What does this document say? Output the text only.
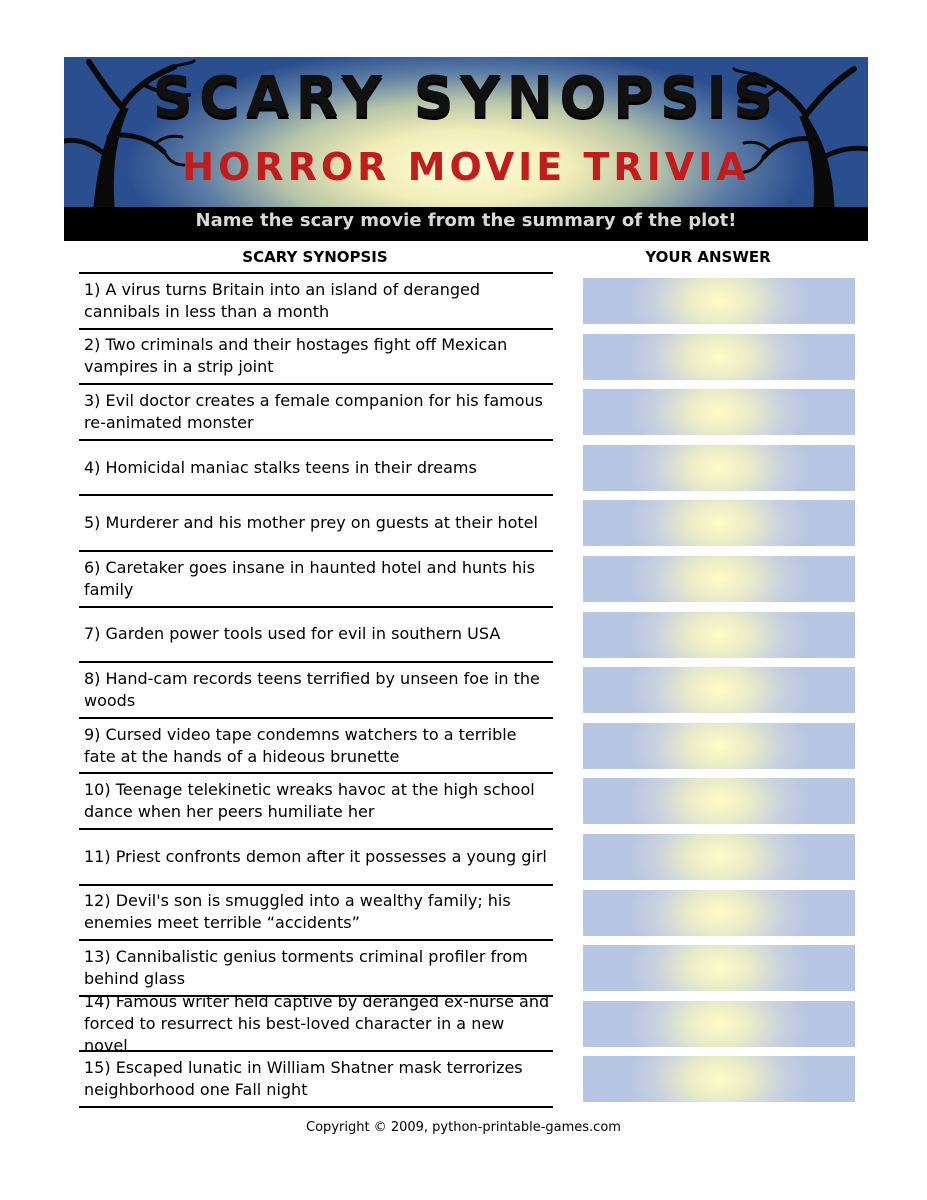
SCARY SYNOPSIS
HORROR MOVIE TRIVIA
Name the scary movie from the summary of the plot!
SCARY SYNOPSIS	YOUR ANSWER
1) A virus turns Britain into an island of deranged cannibals in less than a month
2) Two criminals and their hostages fight off Mexican vampires in a strip joint
3) Evil doctor creates a female companion for his famous re-animated monster
4) Homicidal maniac stalks teens in their dreams
5) Murderer and his mother prey on guests at their hotel
6) Caretaker goes insane in haunted hotel and hunts his family
7) Garden power tools used for evil in southern USA
8) Hand-cam records teens terrified by unseen foe in the woods
9) Cursed video tape condemns watchers to a terrible fate at the hands of a hideous brunette
10) Teenage telekinetic wreaks havoc at the high school dance when her peers humiliate her
11) Priest confronts demon after it possesses a young girl
12) Devil's son is smuggled into a wealthy family; his enemies meet terrible “accidents”
13) Cannibalistic genius torments criminal profiler from behind glass
14) Famous writer held captive by deranged ex-nurse and forced to resurrect his best-loved character in a new novel
15) Escaped lunatic in William Shatner mask terrorizes neighborhood one Fall night
Copyright © 2009, python-printable-games.com
